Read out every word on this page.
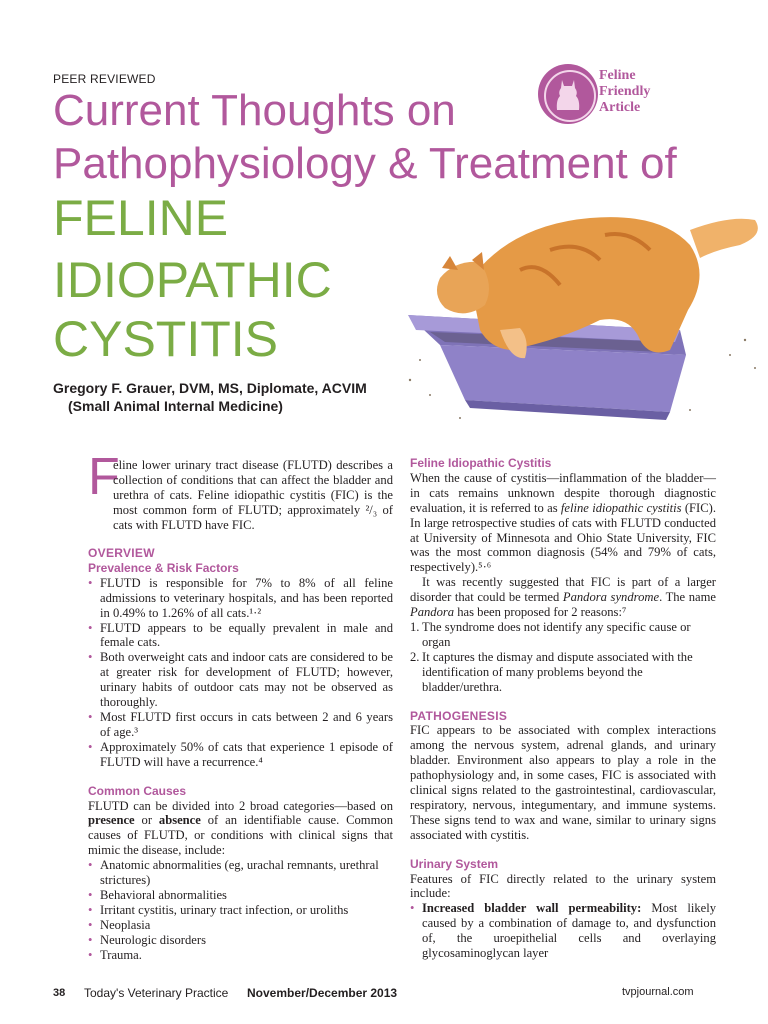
PEER REVIEWED
Current Thoughts on
Pathophysiology & Treatment of
FELINE
IDIOPATHIC
CYSTITIS
Gregory F. Grauer, DVM, MS, Diplomate, ACVIM
(Small Animal Internal Medicine)
Feline
Friendly
Article
F
eline lower urinary tract disease (FLUTD) describes a collection of conditions that can affect the bladder and urethra of cats. Feline idiopathic cystitis (FIC) is the most common form of FLUTD; approximately ²/₃ of cats with FLUTD have FIC.
OVERVIEW
Prevalence & Risk Factors
• FLUTD is responsible for 7% to 8% of all feline admissions to veterinary hospitals, and has been reported in 0.49% to 1.26% of all cats.¹·²
• FLUTD appears to be equally prevalent in male and female cats.
• Both overweight cats and indoor cats are considered to be at greater risk for development of FLUTD; however, urinary habits of outdoor cats may not be observed as thoroughly.
• Most FLUTD first occurs in cats between 2 and 6 years of age.³
• Approximately 50% of cats that experience 1 episode of FLUTD will have a recurrence.⁴
Common Causes
FLUTD can be divided into 2 broad categories—based on presence or absence of an identifiable cause. Common causes of FLUTD, or conditions with clinical signs that mimic the disease, include:
• Anatomic abnormalities (eg, urachal remnants, urethral strictures)
• Behavioral abnormalities
• Irritant cystitis, urinary tract infection, or uroliths
• Neoplasia
• Neurologic disorders
• Trauma.
Feline Idiopathic Cystitis
When the cause of cystitis—inflammation of the bladder—in cats remains unknown despite thorough diagnostic evaluation, it is referred to as feline idiopathic cystitis (FIC). In large retrospective studies of cats with FLUTD conducted at University of Minnesota and Ohio State University, FIC was the most common diagnosis (54% and 79% of cats, respectively).⁵·⁶
It was recently suggested that FIC is part of a larger disorder that could be termed Pandora syndrome. The name Pandora has been proposed for 2 reasons:⁷
1. The syndrome does not identify any specific cause or organ
2. It captures the dismay and dispute associated with the identification of many problems beyond the bladder/urethra.
PATHOGENESIS
FIC appears to be associated with complex interactions among the nervous system, adrenal glands, and urinary bladder. Environment also appears to play a role in the pathophysiology and, in some cases, FIC is associated with clinical signs related to the gastrointestinal, cardiovascular, respiratory, nervous, integumentary, and immune systems. These signs tend to wax and wane, similar to urinary signs associated with cystitis.
Urinary System
Features of FIC directly related to the urinary system include:
• Increased bladder wall permeability: Most likely caused by a combination of damage to, and dysfunction of, the uroepithelial cells and overlaying glycosaminoglycan layer
38 Today's Veterinary Practice November/December 2013	tvpjournal.com
